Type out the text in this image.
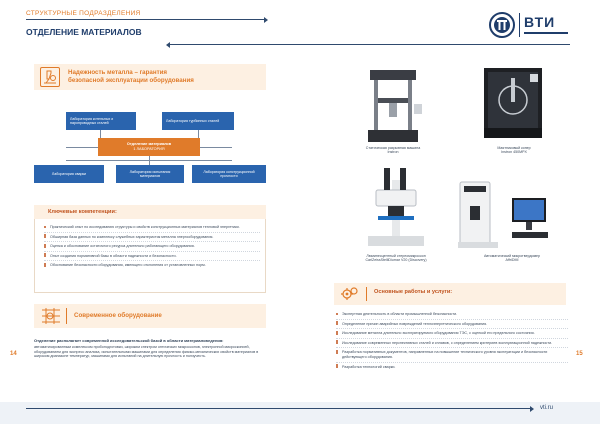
СТРУКТУРНЫЕ ПОДРАЗДЕЛЕНИЯ
ОТДЕЛЕНИЕ МАТЕРИАЛОВ
ВТИ
Надежность металла – гарантия
безопасной эксплуатации оборудования
Лаборатория котельных и паропроводных сталей
Лаборатория турбинных сталей
Отделение материалов
1 ЛАБОРАТОРИЯ
Лаборатория сварки
Лаборатория испытания материалов
Лаборатория конструкционной прочности
Ключевые компетенции:
Практический опыт по исследованию структуры и свойств конструкционных материалов тепловой энергетики.
Обширная база данных по комплексу служебных характеристик металла энергооборудования.
Оценка и обоснование остаточного ресурса длительно работающего оборудования.
Опыт создания нормативной базы в области надежности и безопасности.
Обоснование безопасности оборудования, имеющего отклонения от установленных норм.
Современное оборудование
Отделение располагает современной исследовательской базой в области материаловедения:
автоматизированным комплексом пробоподготовки, широким спектром оптических микроскопов, электронной микроскопией, оборудованием для экспресс анализа, испытательными машинами для определения физико-механических свойств материалов в широком диапазоне температур, машинами для испытаний на длительную прочность и ползучесть.
14	15
Статическая разрывная машина
Instron
Маятниковый копер
Instron 450MPX
Люминесцентный стереомикроскоп
CarlZeissStelliDiumar V20 (Discovery)
Автоматический микротвердомер
AffriDMI
Основные работы и услуги:
Экспертная деятельность в области промышленной безопасности.
Определение причин аварийных повреждений теплоэнергетического оборудования.
Исследование металла длительно эксплуатируемого оборудования ТЭС, с оценкой его предельного состояния.
Исследование современных перспективных сталей и сплавов, с определением критериев эксплуатационной надежности.
Разработка нормативных документов, направленных на повышение технического уровня эксплуатации и безопасности действующего оборудования.
Разработка технологий сварки.
vti.ru
